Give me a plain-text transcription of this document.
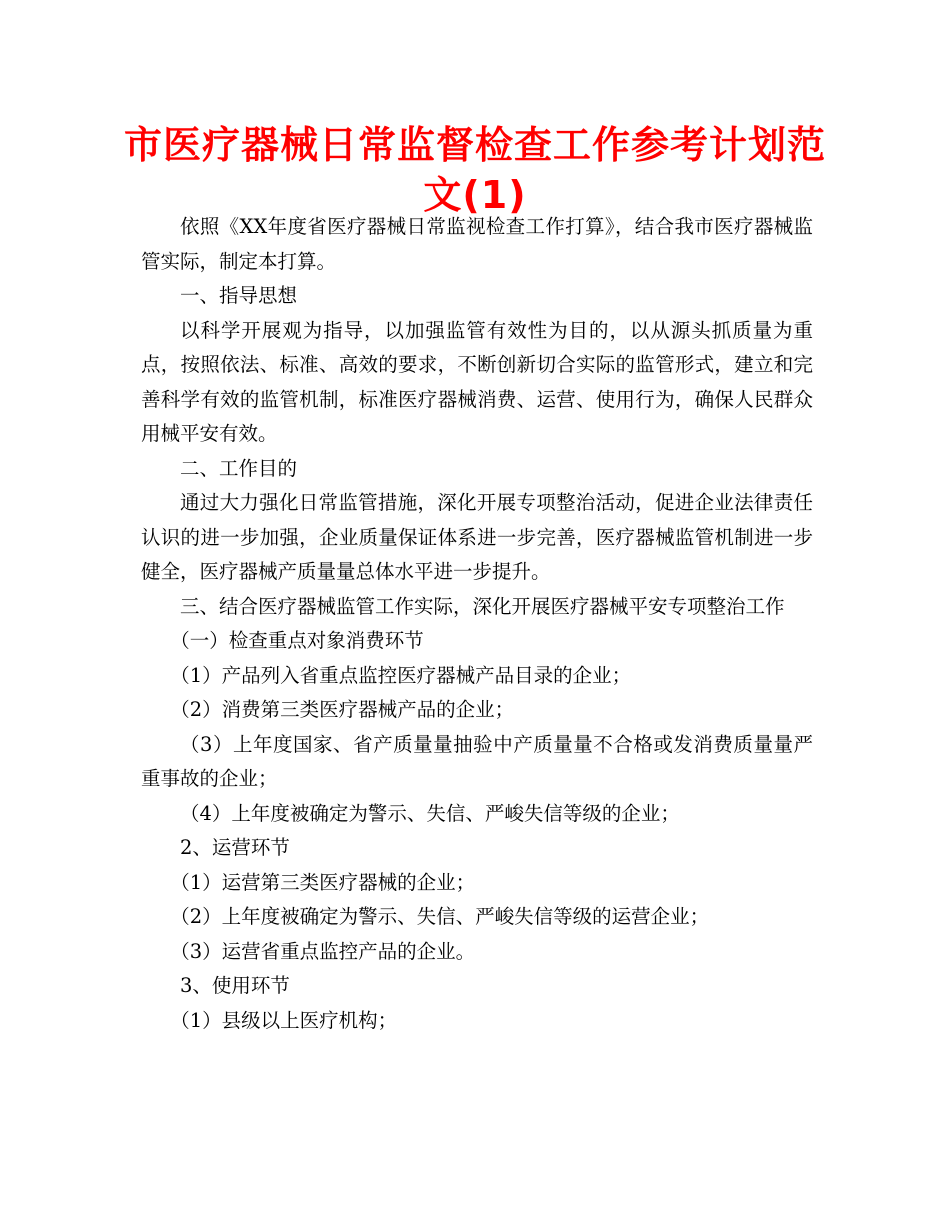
市医疗器械日常监督检查工作参考计划范文(1)

依照《XX年度省医疗器械日常监视检查工作打算》，结合我市医疗器械监管实际，制定本打算。

一、指导思想

以科学开展观为指导，以加强监管有效性为目的，以从源头抓质量为重点，按照依法、标准、高效的要求，不断创新切合实际的监管形式，建立和完善科学有效的监管机制，标准医疗器械消费、运营、使用行为，确保人民群众用械平安有效。

二、工作目的

通过大力强化日常监管措施，深化开展专项整治活动，促进企业法律责任认识的进一步加强，企业质量保证体系进一步完善，医疗器械监管机制进一步健全，医疗器械产质量量总体水平进一步提升。

三、结合医疗器械监管工作实际，深化开展医疗器械平安专项整治工作

（一）检查重点对象消费环节

（1）产品列入省重点监控医疗器械产品目录的企业；

（2）消费第三类医疗器械产品的企业；

（3）上年度国家、省产质量量抽验中产质量量不合格或发消费质量量严重事故的企业；

（4）上年度被确定为警示、失信、严峻失信等级的企业；

2、运营环节

（1）运营第三类医疗器械的企业；

（2）上年度被确定为警示、失信、严峻失信等级的运营企业；

（3）运营省重点监控产品的企业。

3、使用环节

（1）县级以上医疗机构；
